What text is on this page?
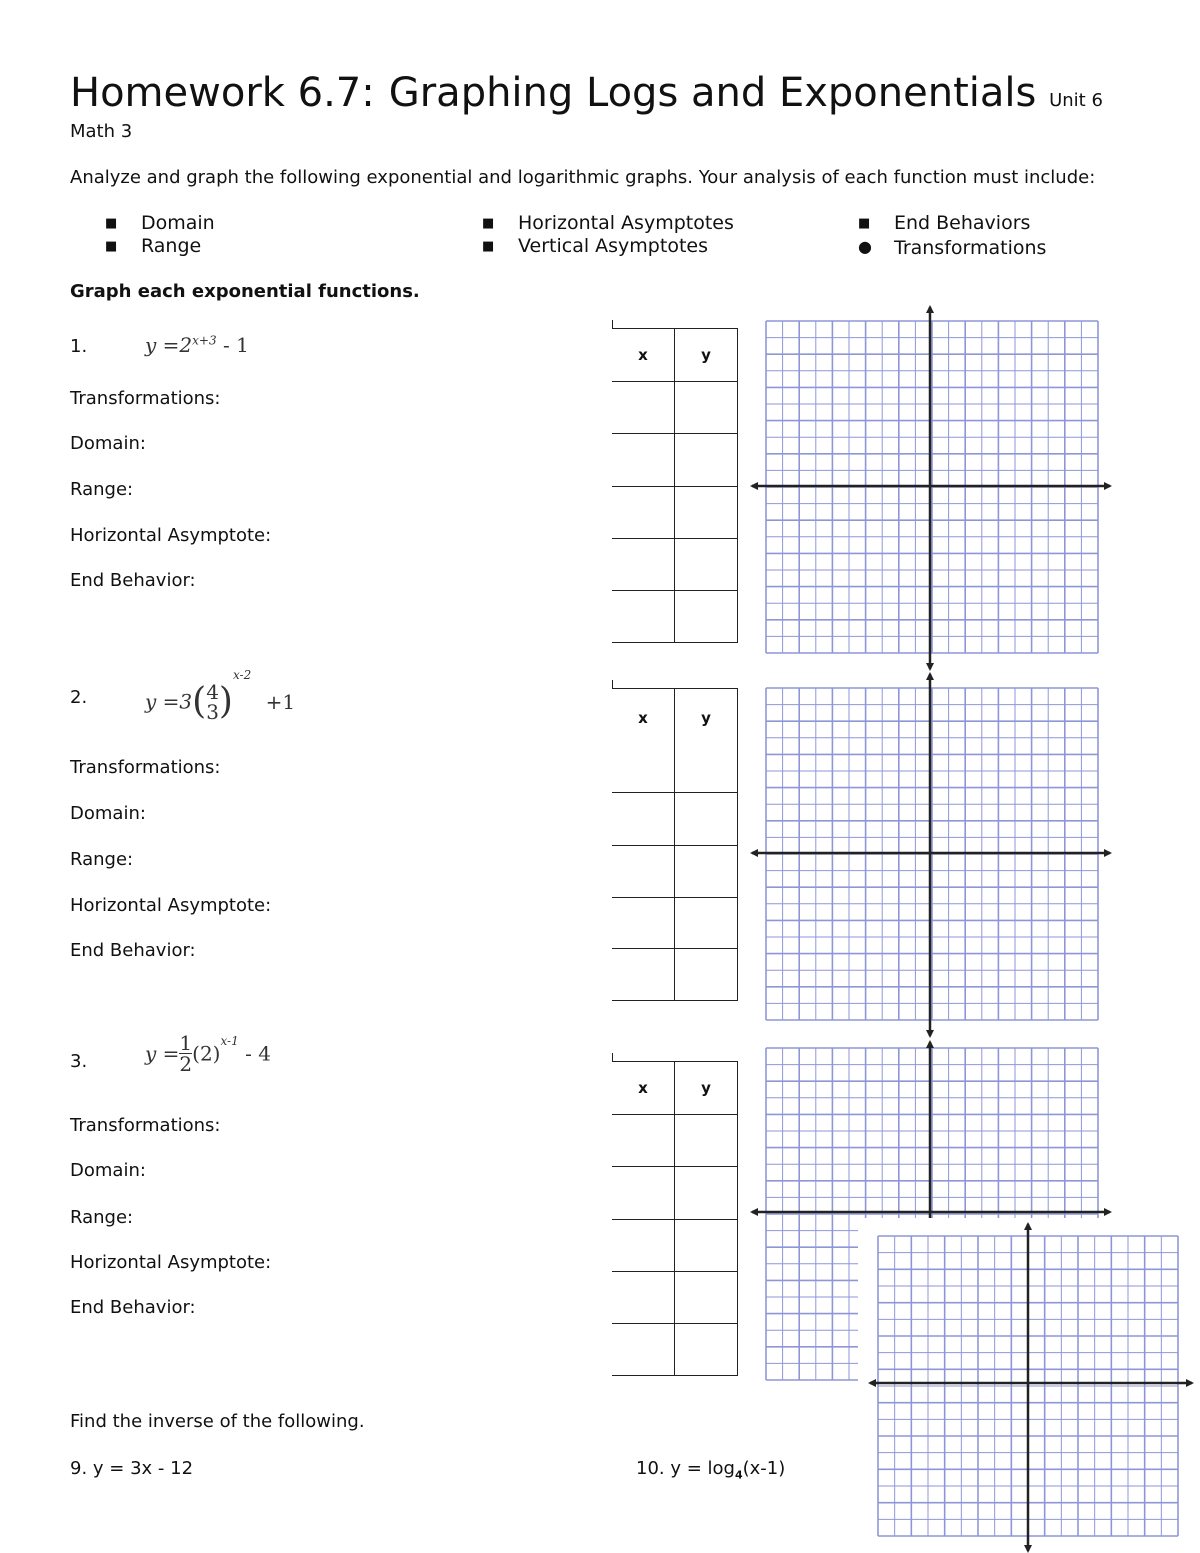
Homework 6.7: Graphing Logs and Exponentials Unit 6
Math 3
Analyze and graph the following exponential and logarithmic graphs. Your analysis of each function must include:
■ Domain
■ Range
■ Horizontal Asymptotes
■ Vertical Asymptotes
■ End Behaviors
● Transformations
Graph each exponential functions.
1.	$y =2^{x+3} - 1$
Transformations:
Domain:
Range:
Horizontal Asymptote:
End Behavior:
2.	y =3( 4
3 )$^{x-2}$ +1
Transformations:
Domain:
Range:
Horizontal Asymptote:
End Behavior:
3.	$y = \frac{1}{2} (2)^{x-1} - 4$
Transformations:
Domain:
Range:
Horizontal Asymptote:
End Behavior:
x	y

x	y

x	y

Find the inverse of the following.
9. y = 3x - 12	10. $y = \log_4(x-1)$
